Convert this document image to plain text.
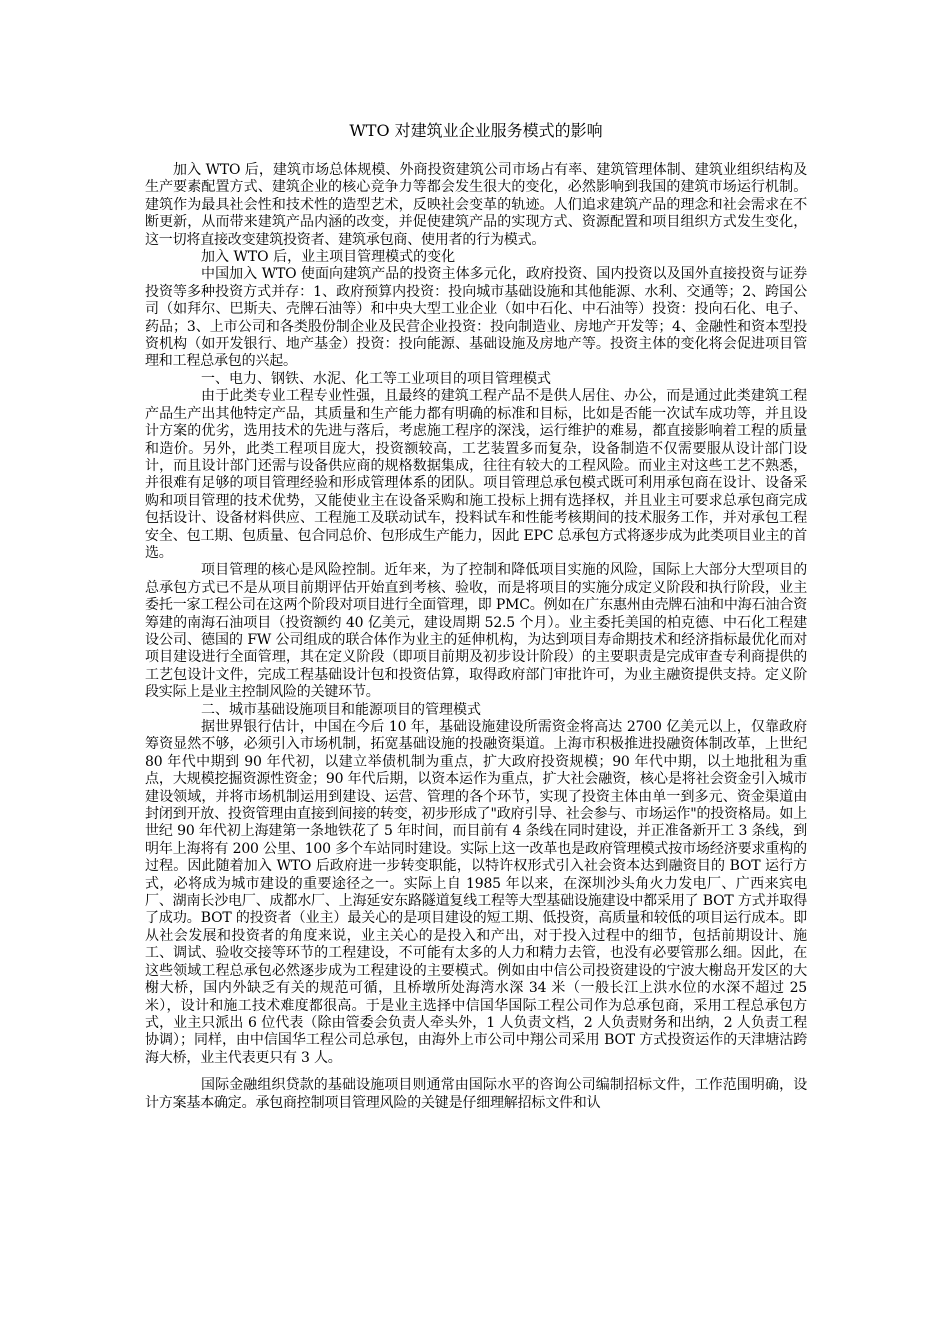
WTO 对建筑业企业服务模式的影响

加入 WTO 后，建筑市场总体规模、外商投资建筑公司市场占有率、建筑管理体制、建筑业组织结构及生产要素配置方式、建筑企业的核心竞争力等都会发生很大的变化，必然影响到我国的建筑市场运行机制。建筑作为最具社会性和技术性的造型艺术，反映社会变革的轨迹。人们追求建筑产品的理念和社会需求在不断更新，从而带来建筑产品内涵的改变，并促使建筑产品的实现方式、资源配置和项目组织方式发生变化，这一切将直接改变建筑投资者、建筑承包商、使用者的行为模式。

加入 WTO 后，业主项目管理模式的变化

中国加入 WTO 使面向建筑产品的投资主体多元化，政府投资、国内投资以及国外直接投资与证券投资等多种投资方式并存：1、政府预算内投资：投向城市基础设施和其他能源、水利、交通等；2、跨国公司（如拜尔、巴斯夫、壳牌石油等）和中央大型工业企业（如中石化、中石油等）投资：投向石化、电子、药品；3、上市公司和各类股份制企业及民营企业投资：投向制造业、房地产开发等；4、金融性和资本型投资机构（如开发银行、地产基金）投资：投向能源、基础设施及房地产等。投资主体的变化将会促进项目管理和工程总承包的兴起。

一、电力、钢铁、水泥、化工等工业项目的项目管理模式

由于此类专业工程专业性强，且最终的建筑工程产品不是供人居住、办公，而是通过此类建筑工程产品生产出其他特定产品，其质量和生产能力都有明确的标准和目标，比如是否能一次试车成功等，并且设计方案的优劣，选用技术的先进与落后，考虑施工程序的深浅，运行维护的难易，都直接影响着工程的质量和造价。另外，此类工程项目庞大，投资额较高，工艺装置多而复杂，设备制造不仅需要服从设计部门设计，而且设计部门还需与设备供应商的规格数据集成，往往有较大的工程风险。而业主对这些工艺不熟悉，并很难有足够的项目管理经验和形成管理体系的团队。项目管理总承包模式既可利用承包商在设计、设备采购和项目管理的技术优势，又能使业主在设备采购和施工投标上拥有选择权，并且业主可要求总承包商完成包括设计、设备材料供应、工程施工及联动试车，投料试车和性能考核期间的技术服务工作，并对承包工程安全、包工期、包质量、包合同总价、包形成生产能力，因此 EPC 总承包方式将逐步成为此类项目业主的首选。

项目管理的核心是风险控制。近年来，为了控制和降低项目实施的风险，国际上大部分大型项目的总承包方式已不是从项目前期评估开始直到考核、验收，而是将项目的实施分成定义阶段和执行阶段，业主委托一家工程公司在这两个阶段对项目进行全面管理，即 PMC。例如在广东惠州由壳牌石油和中海石油合资筹建的南海石油项目（投资额约 40 亿美元，建设周期 52.5 个月）。业主委托美国的柏克德、中石化工程建设公司、德国的 FW 公司组成的联合体作为业主的延伸机构，为达到项目寿命期技术和经济指标最优化而对项目建设进行全面管理，其在定义阶段（即项目前期及初步设计阶段）的主要职责是完成审查专利商提供的工艺包设计文件，完成工程基础设计包和投资估算，取得政府部门审批许可，为业主融资提供支持。定义阶段实际上是业主控制风险的关键环节。

二、城市基础设施项目和能源项目的管理模式

据世界银行估计，中国在今后 10 年，基础设施建设所需资金将高达 2700 亿美元以上，仅靠政府筹资显然不够，必须引入市场机制，拓宽基础设施的投融资渠道。上海市积极推进投融资体制改革，上世纪 80 年代中期到 90 年代初，以建立举债机制为重点，扩大政府投资规模；90 年代中期，以土地批租为重点，大规模挖掘资源性资金；90 年代后期，以资本运作为重点，扩大社会融资，核心是将社会资金引入城市建设领域，并将市场机制运用到建设、运营、管理的各个环节，实现了投资主体由单一到多元、资金渠道由封闭到开放、投资管理由直接到间接的转变，初步形成了"政府引导、社会参与、市场运作"的投资格局。如上世纪 90 年代初上海建第一条地铁花了 5 年时间，而目前有 4 条线在同时建设，并正准备新开工 3 条线，到明年上海将有 200 公里、100 多个车站同时建设。实际上这一改革也是政府管理模式按市场经济要求重构的过程。因此随着加入 WTO 后政府进一步转变职能，以特许权形式引入社会资本达到融资目的 BOT 运行方式，必将成为城市建设的重要途径之一。实际上自 1985 年以来，在深圳沙头角火力发电厂、广西来宾电厂、湖南长沙电厂、成都水厂、上海延安东路隧道复线工程等大型基础设施建设中都采用了 BOT 方式并取得了成功。BOT 的投资者（业主）最关心的是项目建设的短工期、低投资，高质量和较低的项目运行成本。即从社会发展和投资者的角度来说，业主关心的是投入和产出，对于投入过程中的细节，包括前期设计、施工、调试、验收交接等环节的工程建设，不可能有太多的人力和精力去管，也没有必要管那么细。因此，在这些领域工程总承包必然逐步成为工程建设的主要模式。例如由中信公司投资建设的宁波大榭岛开发区的大榭大桥，国内外缺乏有关的规范可循，且桥墩所处海湾水深 34 米（一般长江上洪水位的水深不超过 25 米），设计和施工技术难度都很高。于是业主选择中信国华国际工程公司作为总承包商，采用工程总承包方式，业主只派出 6 位代表（除由管委会负责人牵头外，1 人负责文档，2 人负责财务和出纳，2 人负责工程协调）；同样，由中信国华工程公司总承包，由海外上市公司中翔公司采用 BOT 方式投资运作的天津塘沽跨海大桥，业主代表更只有 3 人。

国际金融组织贷款的基础设施项目则通常由国际水平的咨询公司编制招标文件，工作范围明确，设计方案基本确定。承包商控制项目管理风险的关键是仔细理解招标文件和认
